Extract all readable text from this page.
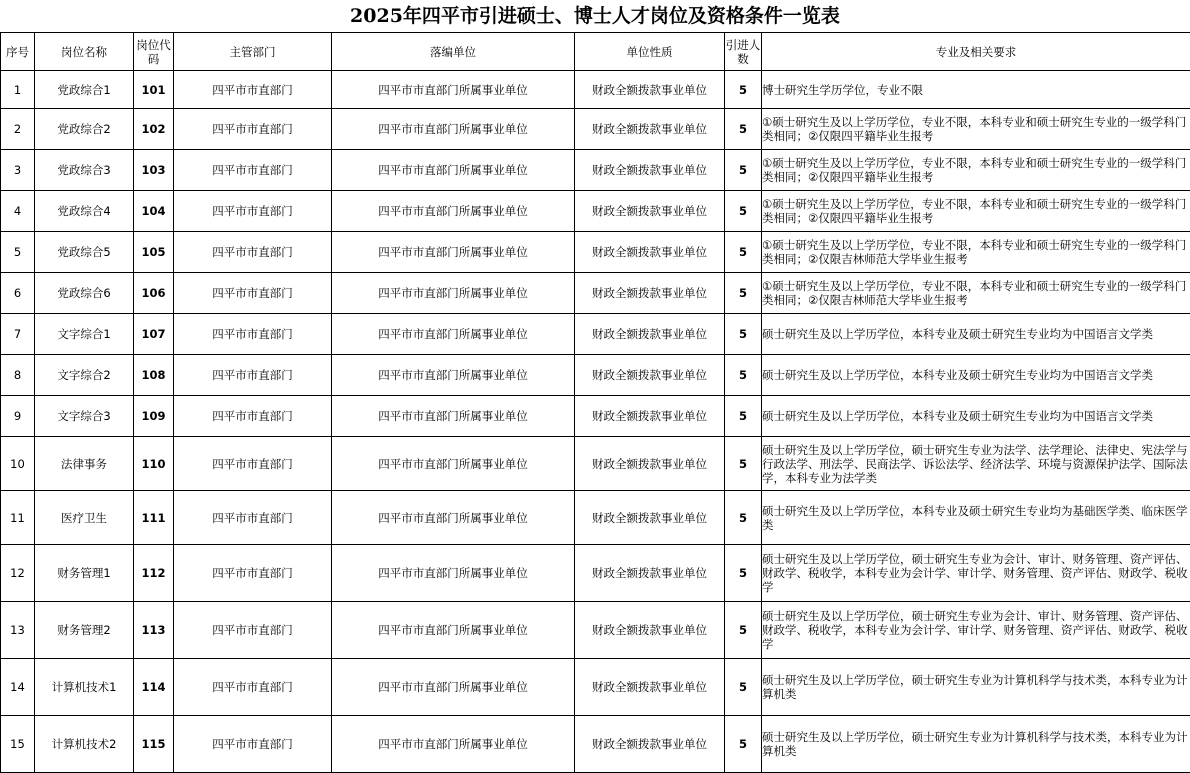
2025年四平市引进硕士、博士人才岗位及资格条件一览表
序号	岗位名称	岗位代码	主管部门	落编单位	单位性质	引进人数	专业及相关要求
1	党政综合1	101	四平市市直部门	四平市市直部门所属事业单位	财政全额拨款事业单位	5	博士研究生学历学位，专业不限
2	党政综合2	102	四平市市直部门	四平市市直部门所属事业单位	财政全额拨款事业单位	5	①硕士研究生及以上学历学位，专业不限，本科专业和硕士研究生专业的一级学科门类相同；②仅限四平籍毕业生报考
3	党政综合3	103	四平市市直部门	四平市市直部门所属事业单位	财政全额拨款事业单位	5	①硕士研究生及以上学历学位，专业不限，本科专业和硕士研究生专业的一级学科门类相同；②仅限四平籍毕业生报考
4	党政综合4	104	四平市市直部门	四平市市直部门所属事业单位	财政全额拨款事业单位	5	①硕士研究生及以上学历学位，专业不限，本科专业和硕士研究生专业的一级学科门类相同；②仅限四平籍毕业生报考
5	党政综合5	105	四平市市直部门	四平市市直部门所属事业单位	财政全额拨款事业单位	5	①硕士研究生及以上学历学位，专业不限，本科专业和硕士研究生专业的一级学科门类相同；②仅限吉林师范大学毕业生报考
6	党政综合6	106	四平市市直部门	四平市市直部门所属事业单位	财政全额拨款事业单位	5	①硕士研究生及以上学历学位，专业不限，本科专业和硕士研究生专业的一级学科门类相同；②仅限吉林师范大学毕业生报考
7	文字综合1	107	四平市市直部门	四平市市直部门所属事业单位	财政全额拨款事业单位	5	硕士研究生及以上学历学位，本科专业及硕士研究生专业均为中国语言文学类
8	文字综合2	108	四平市市直部门	四平市市直部门所属事业单位	财政全额拨款事业单位	5	硕士研究生及以上学历学位，本科专业及硕士研究生专业均为中国语言文学类
9	文字综合3	109	四平市市直部门	四平市市直部门所属事业单位	财政全额拨款事业单位	5	硕士研究生及以上学历学位，本科专业及硕士研究生专业均为中国语言文学类
10	法律事务	110	四平市市直部门	四平市市直部门所属事业单位	财政全额拨款事业单位	5	硕士研究生及以上学历学位，硕士研究生专业为法学、法学理论、法律史、宪法学与行政法学、刑法学、民商法学、诉讼法学、经济法学、环境与资源保护法学、国际法学，本科专业为法学类
11	医疗卫生	111	四平市市直部门	四平市市直部门所属事业单位	财政全额拨款事业单位	5	硕士研究生及以上学历学位，本科专业及硕士研究生专业均为基础医学类、临床医学类
12	财务管理1	112	四平市市直部门	四平市市直部门所属事业单位	财政全额拨款事业单位	5	硕士研究生及以上学历学位，硕士研究生专业为会计、审计、财务管理、资产评估、财政学、税收学，本科专业为会计学、审计学、财务管理、资产评估、财政学、税收学
13	财务管理2	113	四平市市直部门	四平市市直部门所属事业单位	财政全额拨款事业单位	5	硕士研究生及以上学历学位，硕士研究生专业为会计、审计、财务管理、资产评估、财政学、税收学，本科专业为会计学、审计学、财务管理、资产评估、财政学、税收学
14	计算机技术1	114	四平市市直部门	四平市市直部门所属事业单位	财政全额拨款事业单位	5	硕士研究生及以上学历学位，硕士研究生专业为计算机科学与技术类，本科专业为计算机类
15	计算机技术2	115	四平市市直部门	四平市市直部门所属事业单位	财政全额拨款事业单位	5	硕士研究生及以上学历学位，硕士研究生专业为计算机科学与技术类，本科专业为计算机类
